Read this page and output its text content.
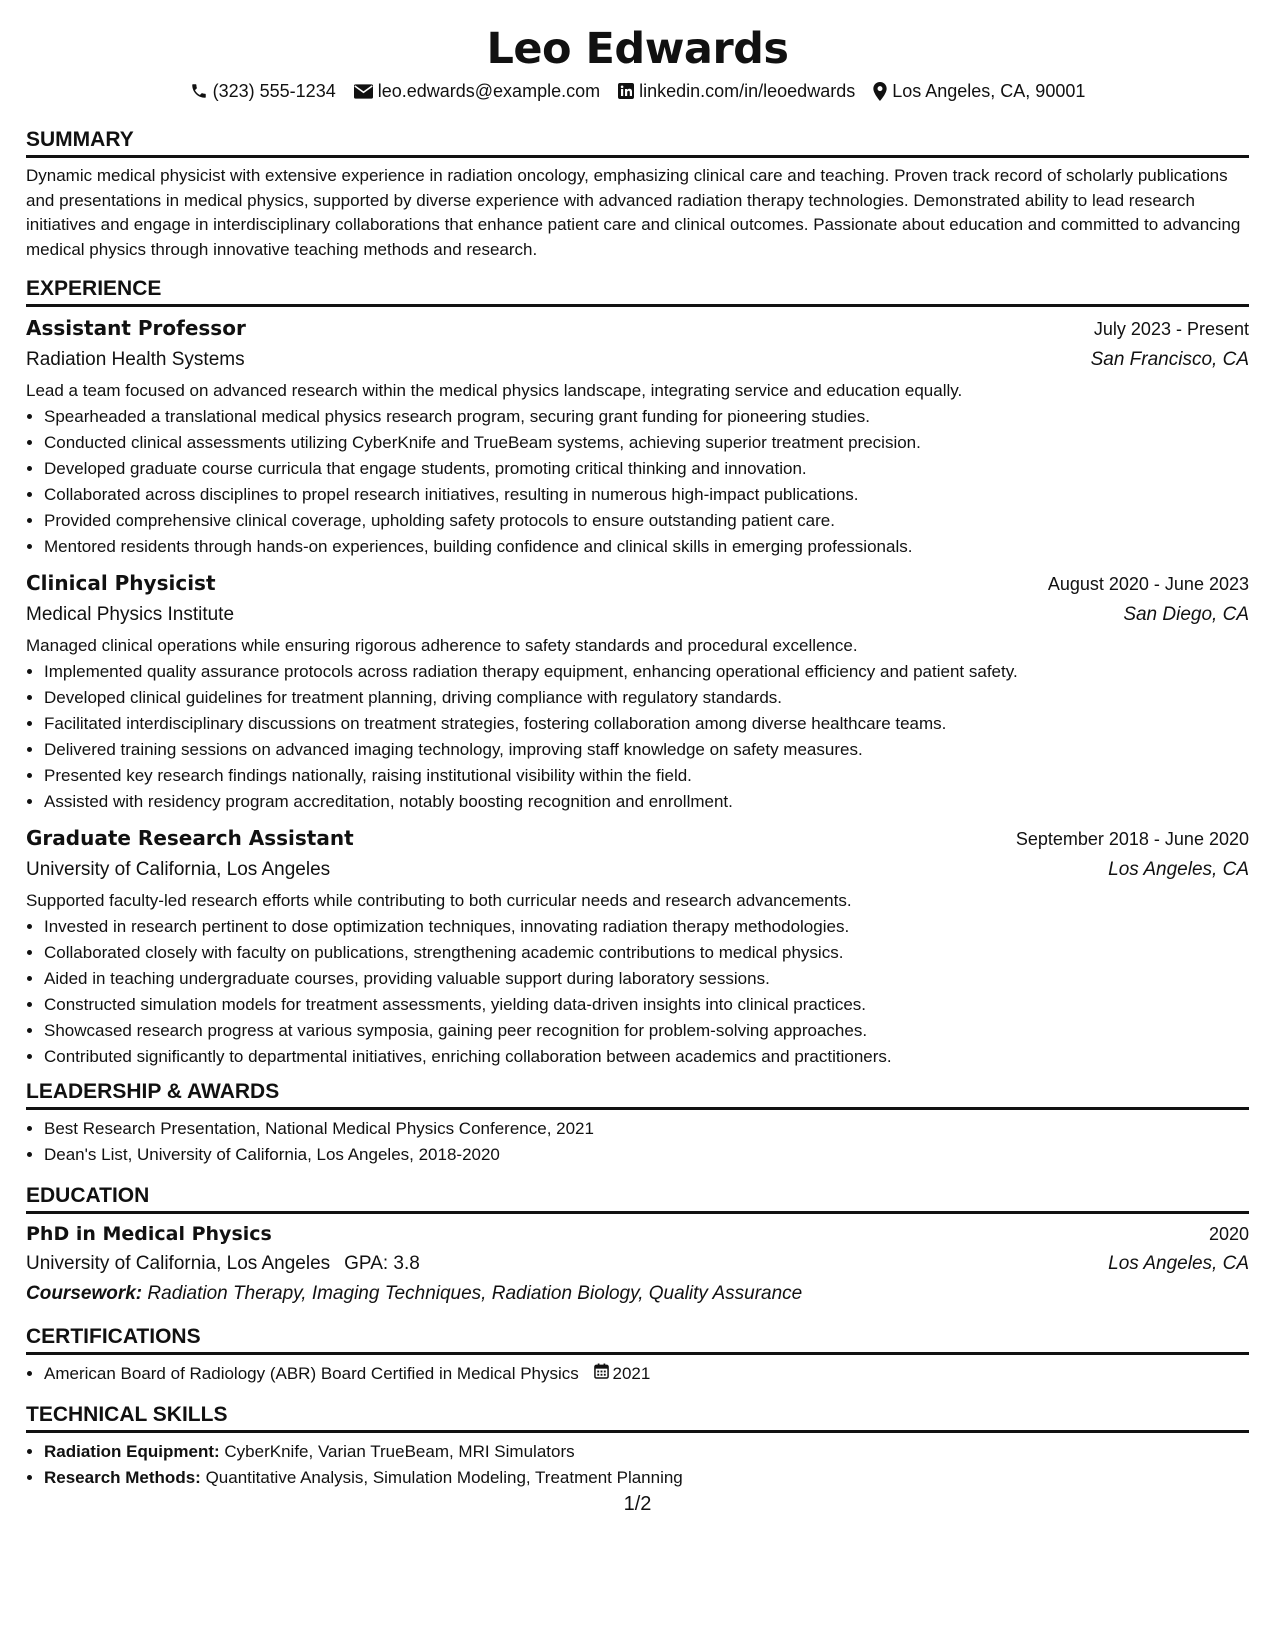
Leo Edwards
(323) 555-1234 leo.edwards@example.com linkedin.com/in/leoedwards Los Angeles, CA, 90001
SUMMARY

Dynamic medical physicist with extensive experience in radiation oncology, emphasizing clinical care and teaching. Proven track record of scholarly publications and presentations in medical physics, supported by diverse experience with advanced radiation therapy technologies. Demonstrated ability to lead research initiatives and engage in interdisciplinary collaborations that enhance patient care and clinical outcomes. Passionate about education and committed to advancing medical physics through innovative teaching methods and research.

EXPERIENCE
Assistant Professor	July 2023 - Present
Radiation Health Systems	San Francisco, CA
Lead a team focused on advanced research within the medical physics landscape, integrating service and education equally.
• Spearheaded a translational medical physics research program, securing grant funding for pioneering studies.
• Conducted clinical assessments utilizing CyberKnife and TrueBeam systems, achieving superior treatment precision.
• Developed graduate course curricula that engage students, promoting critical thinking and innovation.
• Collaborated across disciplines to propel research initiatives, resulting in numerous high-impact publications.
• Provided comprehensive clinical coverage, upholding safety protocols to ensure outstanding patient care.
• Mentored residents through hands-on experiences, building confidence and clinical skills in emerging professionals.
Clinical Physicist	August 2020 - June 2023
Medical Physics Institute	San Diego, CA
Managed clinical operations while ensuring rigorous adherence to safety standards and procedural excellence.
• Implemented quality assurance protocols across radiation therapy equipment, enhancing operational efficiency and patient safety.
• Developed clinical guidelines for treatment planning, driving compliance with regulatory standards.
• Facilitated interdisciplinary discussions on treatment strategies, fostering collaboration among diverse healthcare teams.
• Delivered training sessions on advanced imaging technology, improving staff knowledge on safety measures.
• Presented key research findings nationally, raising institutional visibility within the field.
• Assisted with residency program accreditation, notably boosting recognition and enrollment.
Graduate Research Assistant	September 2018 - June 2020
University of California, Los Angeles	Los Angeles, CA
Supported faculty-led research efforts while contributing to both curricular needs and research advancements.
• Invested in research pertinent to dose optimization techniques, innovating radiation therapy methodologies.
• Collaborated closely with faculty on publications, strengthening academic contributions to medical physics.
• Aided in teaching undergraduate courses, providing valuable support during laboratory sessions.
• Constructed simulation models for treatment assessments, yielding data-driven insights into clinical practices.
• Showcased research progress at various symposia, gaining peer recognition for problem-solving approaches.
• Contributed significantly to departmental initiatives, enriching collaboration between academics and practitioners.
LEADERSHIP & AWARDS
• Best Research Presentation, National Medical Physics Conference, 2021
• Dean's List, University of California, Los Angeles, 2018-2020
EDUCATION
PhD in Medical Physics	2020
University of California, Los Angeles GPA: 3.8	Los Angeles, CA
Coursework: Radiation Therapy, Imaging Techniques, Radiation Biology, Quality Assurance
CERTIFICATIONS
• American Board of Radiology (ABR) Board Certified in Medical Physics 2021
TECHNICAL SKILLS
• Radiation Equipment: CyberKnife, Varian TrueBeam, MRI Simulators
• Research Methods: Quantitative Analysis, Simulation Modeling, Treatment Planning
1/2
